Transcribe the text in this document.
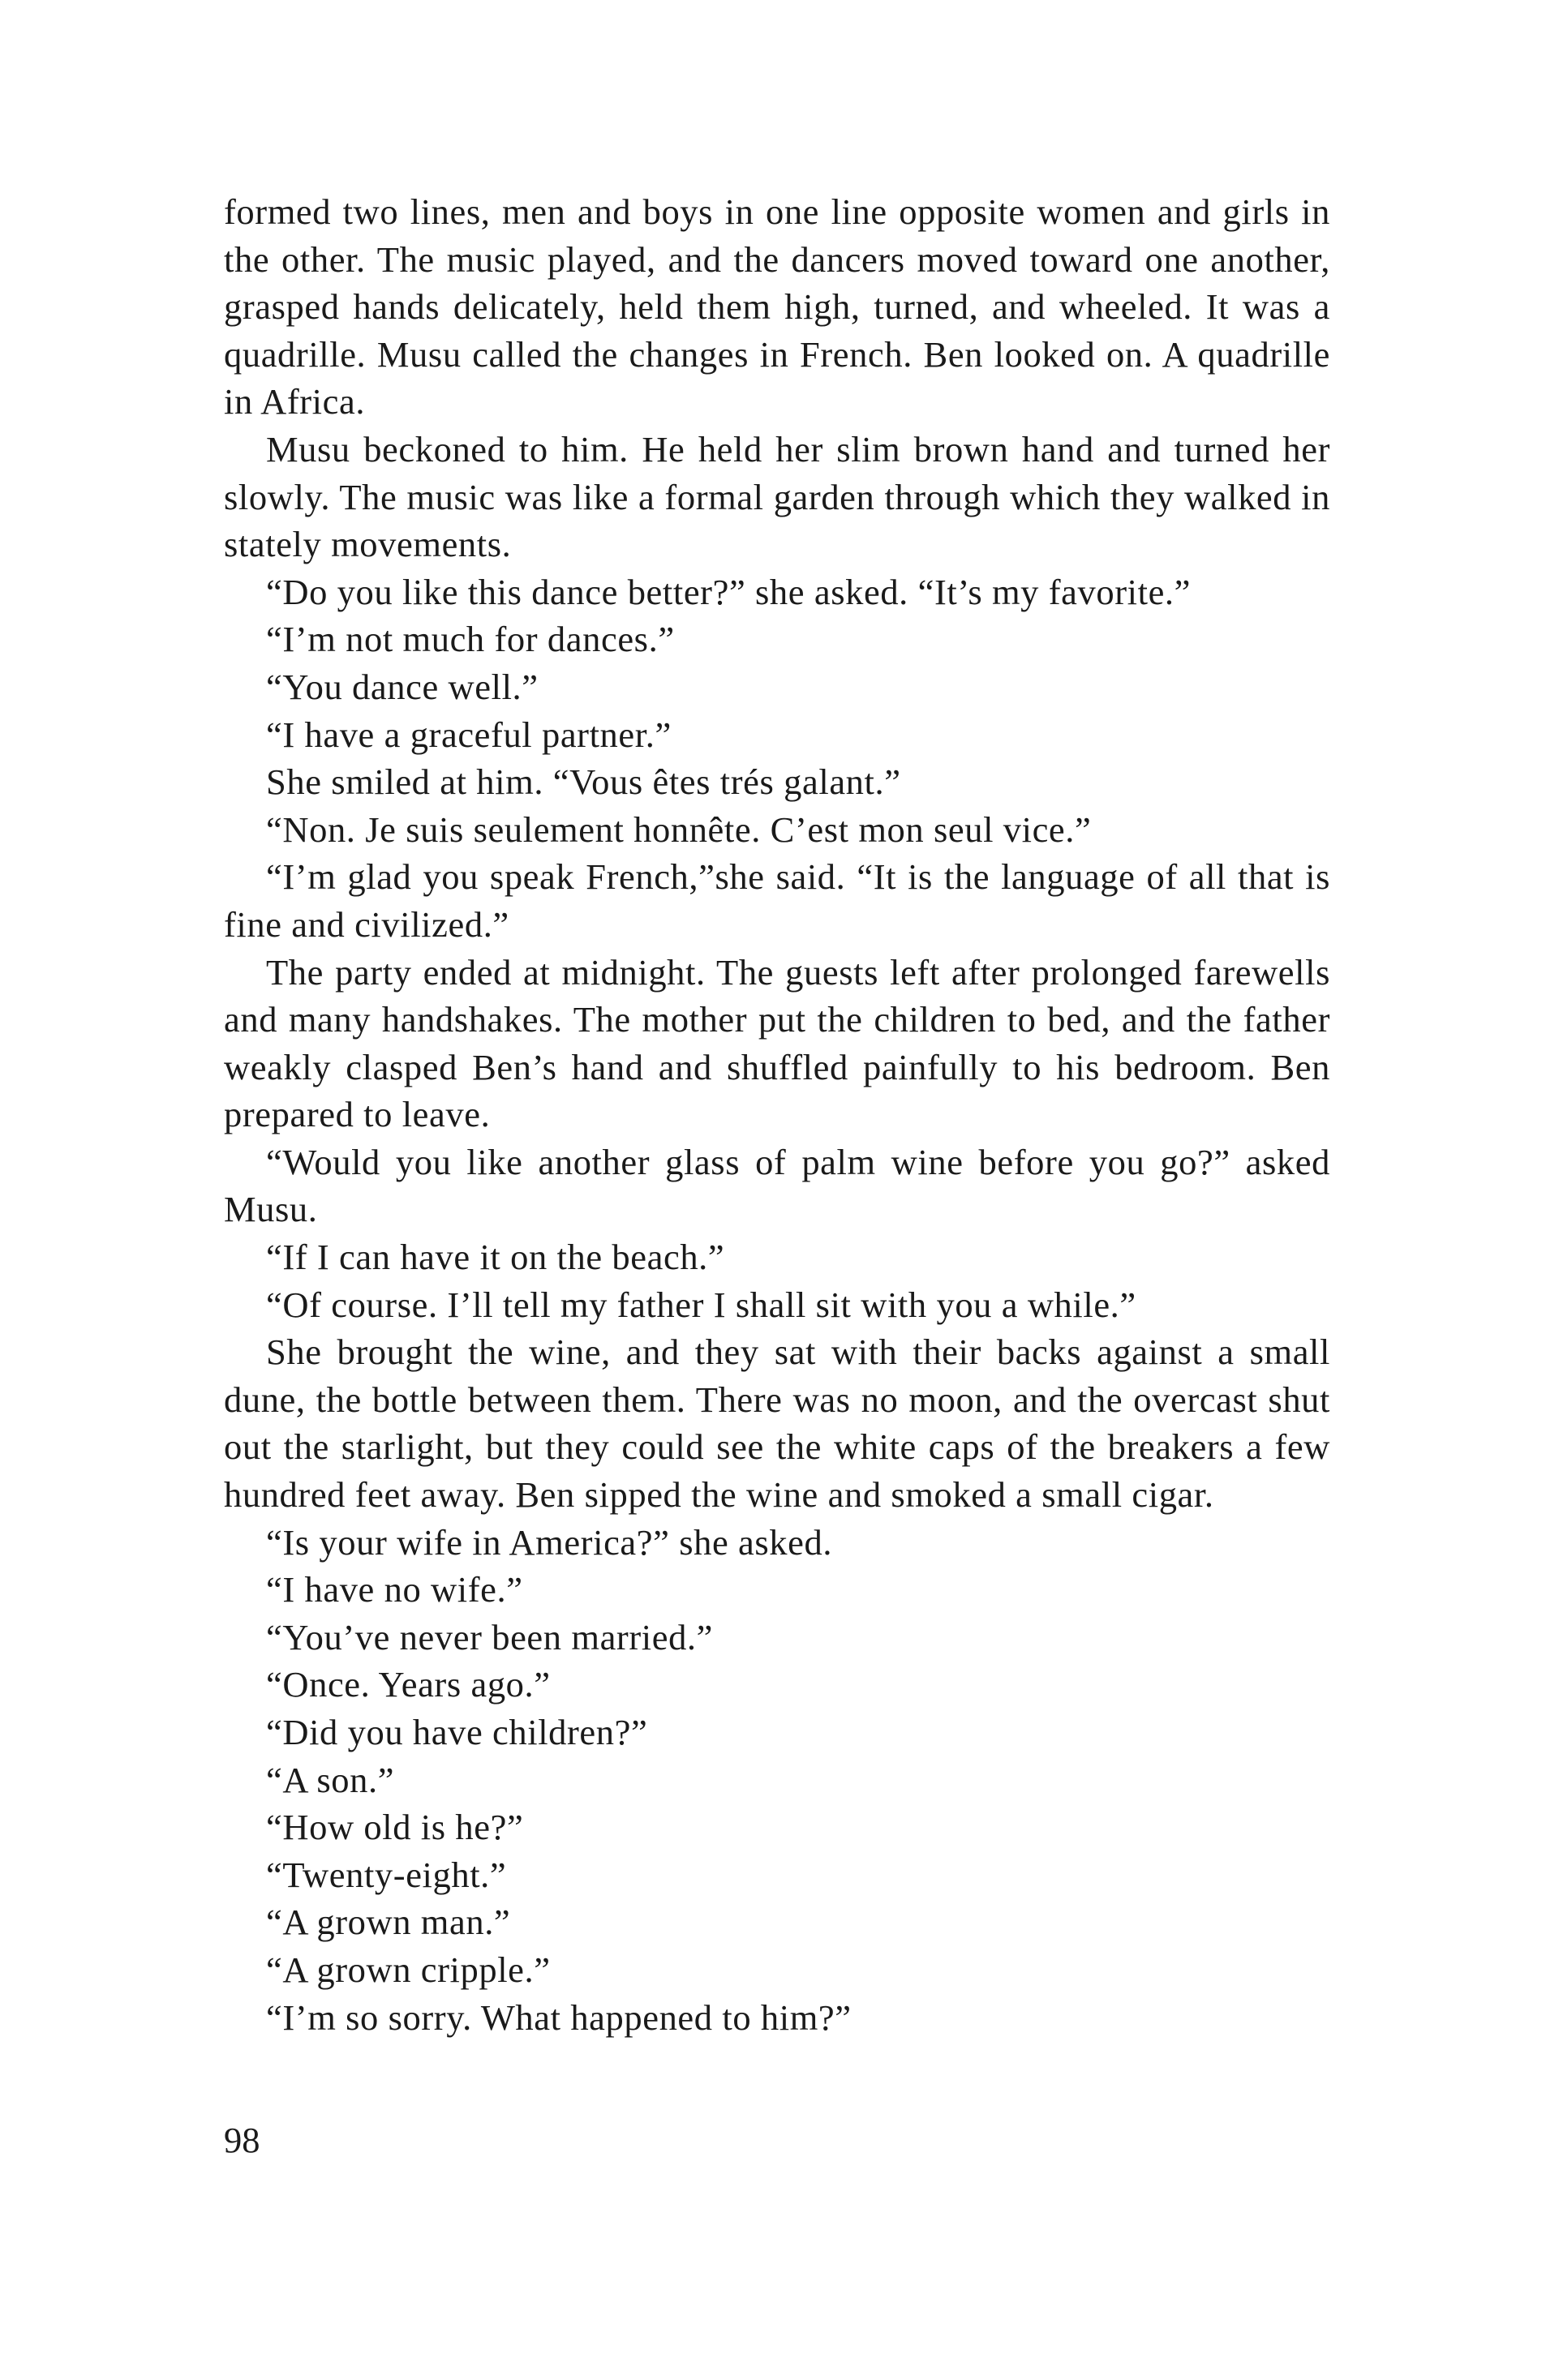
formed two lines, men and boys in one line opposite women and girls in the other. The music played, and the dancers moved toward one another, grasped hands delicately, held them high, turned, and wheeled. It was a quadrille. Musu called the changes in French. Ben looked on. A quadrille in Africa.

Musu beckoned to him. He held her slim brown hand and turned her slowly. The music was like a formal garden through which they walked in stately movements.

“Do you like this dance better?” she asked. “It’s my favorite.”

“I’m not much for dances.”

“You dance well.”

“I have a graceful partner.”

She smiled at him. “Vous êtes trés galant.”

“Non. Je suis seulement honnête. C’est mon seul vice.”

“I’m glad you speak French,”she said. “It is the language of all that is fine and civilized.”

The party ended at midnight. The guests left after prolonged farewells and many handshakes. The mother put the children to bed, and the father weakly clasped Ben’s hand and shuffled painfully to his bedroom. Ben prepared to leave.

“Would you like another glass of palm wine before you go?” asked Musu.

“If I can have it on the beach.”

“Of course. I’ll tell my father I shall sit with you a while.”

She brought the wine, and they sat with their backs against a small dune, the bottle between them. There was no moon, and the overcast shut out the starlight, but they could see the white caps of the breakers a few hundred feet away. Ben sipped the wine and smoked a small cigar.

“Is your wife in America?” she asked.

“I have no wife.”

“You’ve never been married.”

“Once. Years ago.”

“Did you have children?”

“A son.”

“How old is he?”

“Twenty-eight.”

“A grown man.”

“A grown cripple.”

“I’m so sorry. What happened to him?”

98
